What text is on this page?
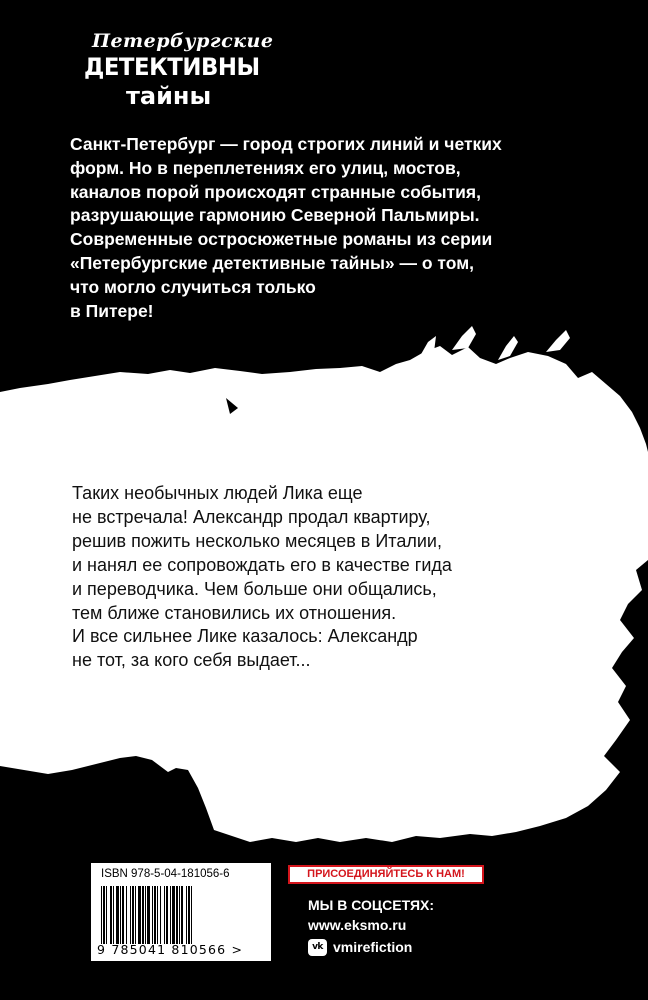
Петербургские
ДЕТЕКТИВНЫ
тайны

Санкт-Петербург — город строгих линий и четких
форм. Но в переплетениях его улиц, мостов,
каналов порой происходят странные события,
разрушающие гармонию Северной Пальмиры.
Современные остросюжетные романы из серии
«Петербургские детективные тайны» — о том,
что могло случиться только
в Питере!

Таких необычных людей Лика еще
не встречала! Александр продал квартиру,
решив пожить несколько месяцев в Италии,
и нанял ее сопровождать его в качестве гида
и переводчика. Чем больше они общались,
тем ближе становились их отношения.
И все сильнее Лике казалось: Александр
не тот, за кого себя выдает...

ISBN 978-5-04-181056-6
9 785041 810566 >
ПРИСОЕДИНЯЙТЕСЬ К НАМ!
МЫ В СОЦСЕТЯХ:
www.eksmo.ru
vk vmirefiction
